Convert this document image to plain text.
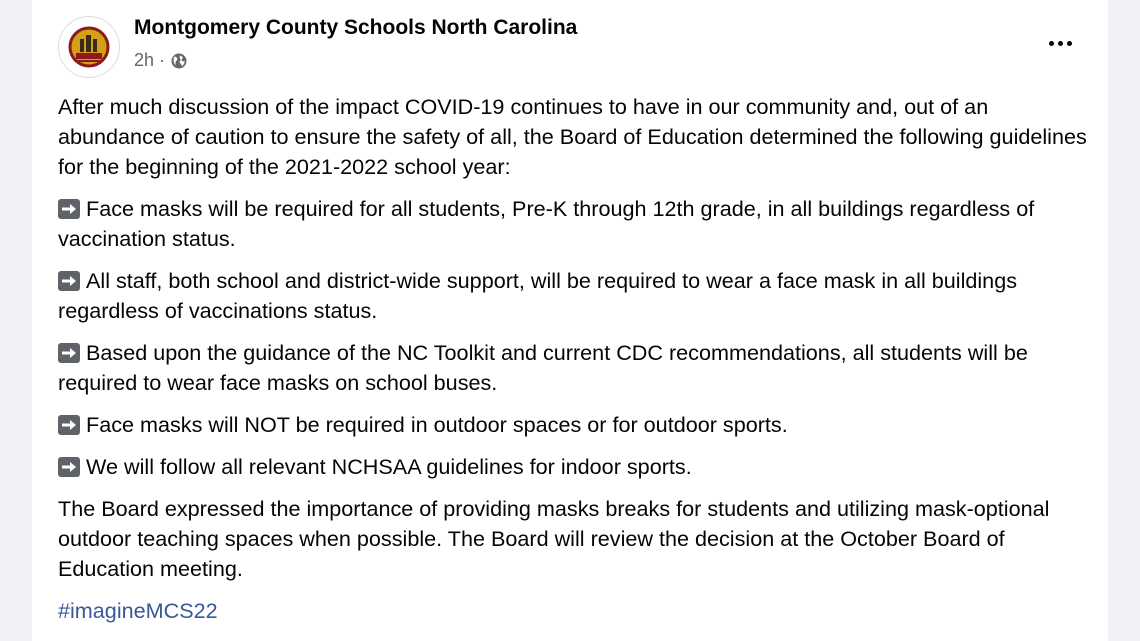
Montgomery County Schools North Carolina
2h ·

After much discussion of the impact COVID-19 continues to have in our community and, out of an abundance of caution to ensure the safety of all, the Board of Education determined the following guidelines for the beginning of the 2021-2022 school year:

Face masks will be required for all students, Pre-K through 12th grade, in all buildings regardless of vaccination status.

All staff, both school and district-wide support, will be required to wear a face mask in all buildings regardless of vaccinations status.

Based upon the guidance of the NC Toolkit and current CDC recommendations, all students will be required to wear face masks on school buses.

Face masks will NOT be required in outdoor spaces or for outdoor sports.

We will follow all relevant NCHSAA guidelines for indoor sports.

The Board expressed the importance of providing masks breaks for students and utilizing mask-optional outdoor teaching spaces when possible. The Board will review the decision at the October Board of Education meeting.

#imagineMCS22
